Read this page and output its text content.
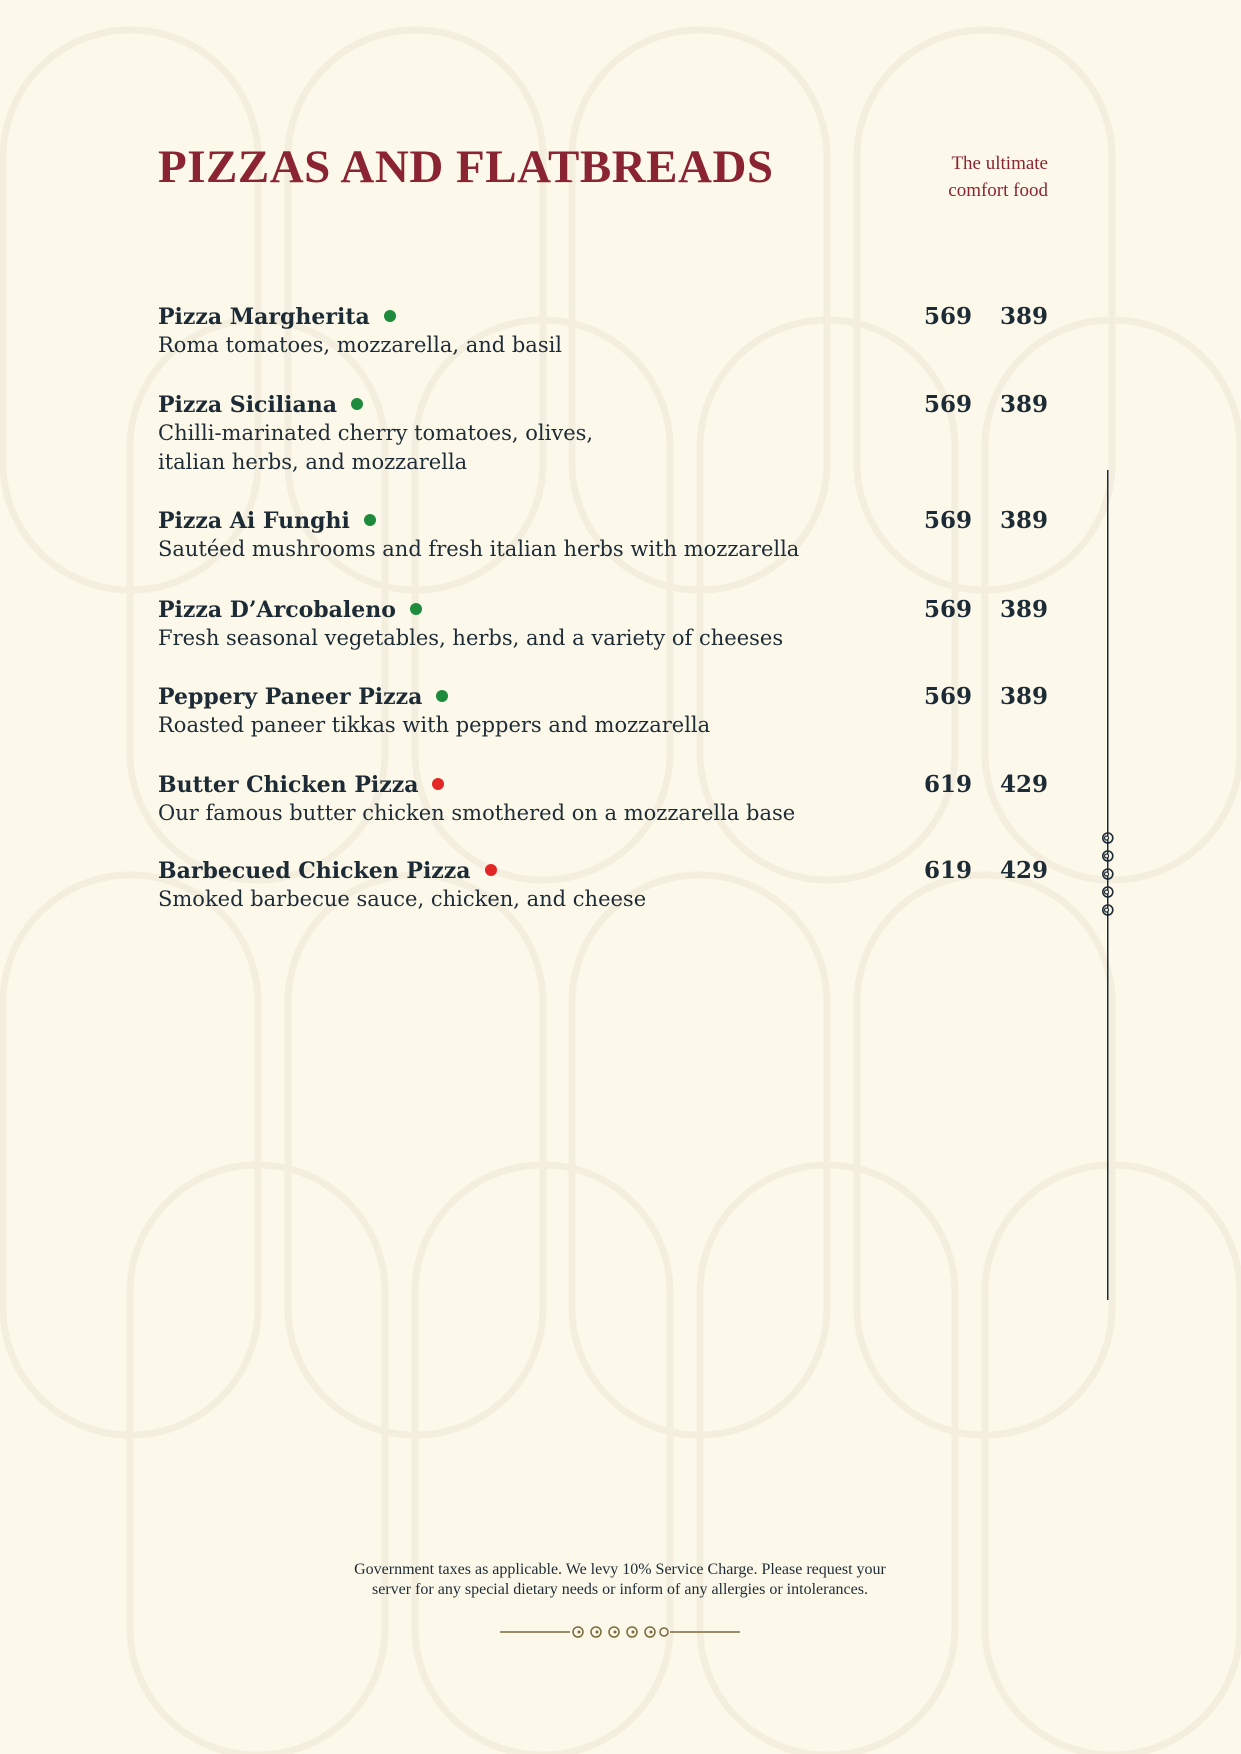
PIZZAS AND FLATBREADS	The ultimate
comfort food
Pizza Margherita
Roma tomatoes, mozzarella, and basil
569	389
Pizza Siciliana
Chilli-marinated cherry tomatoes, olives,
italian herbs, and mozzarella
569	389
Pizza Ai Funghi
Sautéed mushrooms and fresh italian herbs with mozzarella
569	389
Pizza D’Arcobaleno
Fresh seasonal vegetables, herbs, and a variety of cheeses
569	389
Peppery Paneer Pizza
Roasted paneer tikkas with peppers and mozzarella
569	389
Butter Chicken Pizza
Our famous butter chicken smothered on a mozzarella base
619	429
Barbecued Chicken Pizza
Smoked barbecue sauce, chicken, and cheese
619	429
Government taxes as applicable. We levy 10% Service Charge. Please request your
server for any special dietary needs or inform of any allergies or intolerances.
